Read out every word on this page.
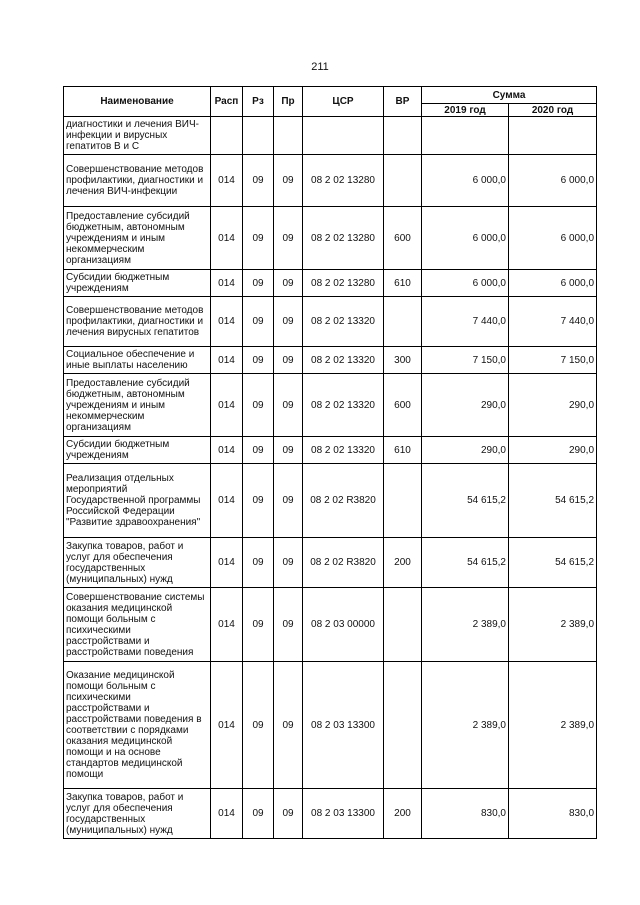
211
Наименование	Расп	Рз	Пр	ЦСР	ВР	Сумма	
						2019 год	2020 год
диагностики и лечения ВИЧ-инфекции и вирусных гепатитов В и С							
Совершенствование методов профилактики, диагностики и лечения ВИЧ-инфекции	014	09	09	08 2 02 13280		6 000,0	6 000,0
Предоставление субсидий бюджетным, автономным учреждениям и иным некоммерческим организациям	014	09	09	08 2 02 13280	600	6 000,0	6 000,0
Субсидии бюджетным учреждениям	014	09	09	08 2 02 13280	610	6 000,0	6 000,0
Совершенствование методов профилактики, диагностики и лечения вирусных гепатитов	014	09	09	08 2 02 13320		7 440,0	7 440,0
Социальное обеспечение и иные выплаты населению	014	09	09	08 2 02 13320	300	7 150,0	7 150,0
Предоставление субсидий бюджетным, автономным учреждениям и иным некоммерческим организациям	014	09	09	08 2 02 13320	600	290,0	290,0
Субсидии бюджетным учреждениям	014	09	09	08 2 02 13320	610	290,0	290,0
Реализация отдельных мероприятий Государственной программы Российской Федерации "Развитие здравоохранения"	014	09	09	08 2 02 R3820		54 615,2	54 615,2
Закупка товаров, работ и услуг для обеспечения государственных (муниципальных) нужд	014	09	09	08 2 02 R3820	200	54 615,2	54 615,2
Совершенствование системы оказания медицинской помощи больным с психическими расстройствами и расстройствами поведения	014	09	09	08 2 03 00000		2 389,0	2 389,0
Оказание медицинской помощи больным с психическими расстройствами и расстройствами поведения в соответствии с порядками оказания медицинской помощи и на основе стандартов медицинской помощи	014	09	09	08 2 03 13300		2 389,0	2 389,0
Закупка товаров, работ и услуг для обеспечения государственных (муниципальных) нужд	014	09	09	08 2 03 13300	200	830,0	830,0
